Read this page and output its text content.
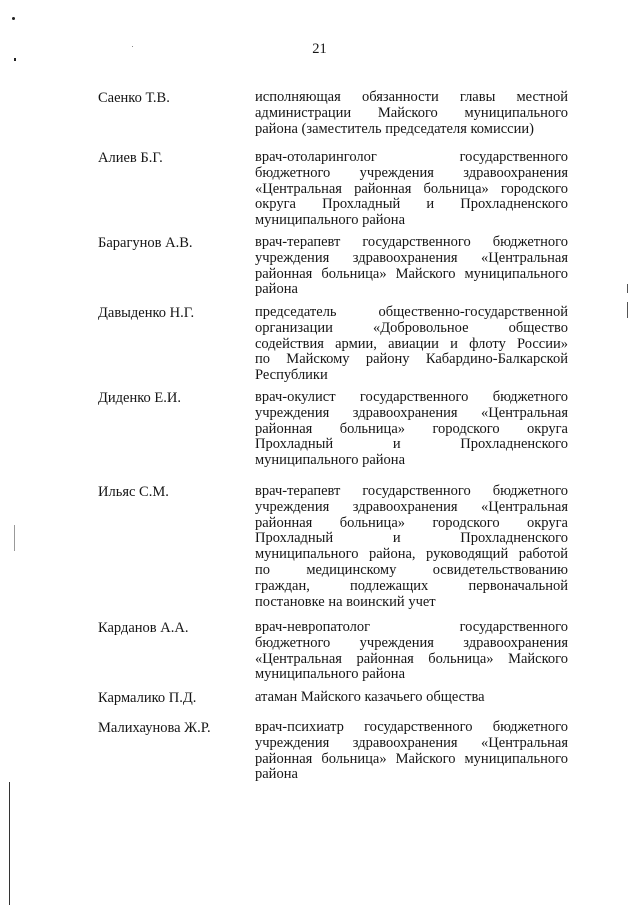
21
Саенко Т.В.	исполняющая обязанности главы местной
администрации Майского муниципального
района (заместитель председателя комиссии)
Алиев Б.Г.	врач-отоларинголог государственного
бюджетного учреждения здравоохранения
«Центральная районная больница» городского
округа Прохладный и Прохладненского
муниципального района
Барагунов А.В.	врач-терапевт государственного бюджетного
учреждения здравоохранения «Центральная
районная больница» Майского муниципального
района
Давыденко Н.Г.	председатель общественно-государственной
организации «Добровольное общество
содействия армии, авиации и флоту России»
по Майскому району Кабардино-Балкарской
Республики
Диденко Е.И.	врач-окулист государственного бюджетного
учреждения здравоохранения «Центральная
районная больница» городского округа
Прохладный и Прохладненского
муниципального района
Ильяс С.М.	врач-терапевт государственного бюджетного
учреждения здравоохранения «Центральная
районная больница» городского округа
Прохладный и Прохладненского
муниципального района, руководящий работой
по медицинскому освидетельствованию
граждан, подлежащих первоначальной
постановке на воинский учет
Карданов А.А.	врач-невропатолог государственного
бюджетного учреждения здравоохранения
«Центральная районная больница» Майского
муниципального района
Кармалико П.Д.	атаман Майского казачьего общества
Малихаунова Ж.Р.	врач-психиатр государственного бюджетного
учреждения здравоохранения «Центральная
районная больница» Майского муниципального
района
